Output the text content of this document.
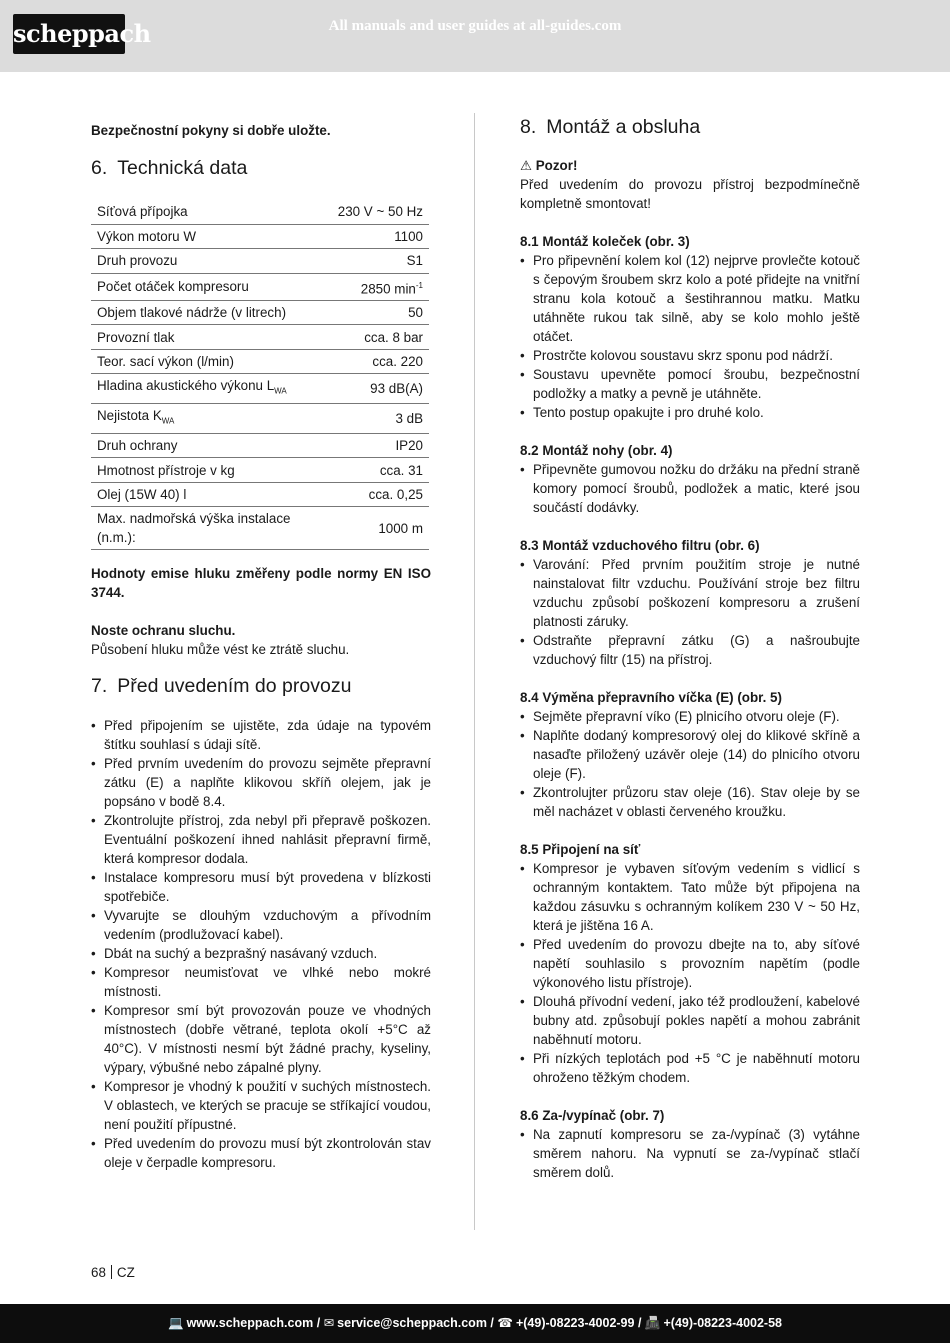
scheppach	All manuals and user guides at all-guides.com

Bezpečnostní pokyny si dobře uložte.

6. Technická data
Síťová přípojka	230 V ~ 50 Hz
Výkon motoru W	1100
Druh provozu	S1
Počet otáček kompresoru	2850 $\min^{-1}$
Objem tlakové nádrže (v litrech)	50
Provozní tlak	cca. 8 bar
Teor. sací výkon (l/min)	cca. 220
Hladina akustického výkonu $L_{WA}$	93 dB(A)
Nejistota $K_{WA}$	3 dB
Druh ochrany	IP20
Hmotnost přístroje v kg	cca. 31
Olej (15W 40) l	cca. 0,25
Max. nadmořská výška instalace (n.m.):	1000 m

Hodnoty emise hluku změřeny podle normy EN ISO 3744.

Noste ochranu sluchu.

Působení hluku může vést ke ztrátě sluchu.

7. Před uvedením do provozu
• Před připojením se ujistěte, zda údaje na typovém štítku souhlasí s údaji sítě.
• Před prvním uvedením do provozu sejměte přepravní zátku (E) a naplňte klikovou skříň olejem, jak je popsáno v bodě 8.4.
• Zkontrolujte přístroj, zda nebyl při přepravě poškozen. Eventuální poškození ihned nahlásit přepravní firmě, která kompresor dodala.
• Instalace kompresoru musí být provedena v blízkosti spotřebiče.
• Vyvarujte se dlouhým vzduchovým a přívodním vedením (prodlužovací kabel).
• Dbát na suchý a bezprašný nasávaný vzduch.
• Kompresor neumisťovat ve vlhké nebo mokré místnosti.
• Kompresor smí být provozován pouze ve vhodných místnostech (dobře větrané, teplota okolí +5°C až 40°C). V místnosti nesmí být žádné prachy, kyseliny, výpary, výbušné nebo zápalné plyny.
• Kompresor je vhodný k použití v suchých místnostech. V oblastech, ve kterých se pracuje se stříkající voudou, není použití přípustné.
• Před uvedením do provozu musí být zkontrolován stav oleje v čerpadle kompresoru.
8. Montáž a obsluha

⚠ Pozor!

Před uvedením do provozu přístroj bezpodmínečně kompletně smontovat!

8.1 Montáž koleček (obr. 3)

• Pro připevnění kolem kol (12) nejprve provlečte kotouč s čepovým šroubem skrz kolo a poté přidejte na vnitřní stranu kola kotouč a šestihrannou matku. Matku utáhněte rukou tak silně, aby se kolo mohlo ještě otáčet.
• Prostrčte kolovou soustavu skrz sponu pod nádrží.
• Soustavu upevněte pomocí šroubu, bezpečnostní podložky a matky a pevně je utáhněte.
• Tento postup opakujte i pro druhé kolo.

8.2 Montáž nohy (obr. 4)

• Připevněte gumovou nožku do držáku na přední straně komory pomocí šroubů, podložek a matic, které jsou součástí dodávky.

8.3 Montáž vzduchového filtru (obr. 6)

• Varování: Před prvním použitím stroje je nutné nainstalovat filtr vzduchu. Používání stroje bez filtru vzduchu způsobí poškození kompresoru a zrušení platnosti záruky.
• Odstraňte přepravní zátku (G) a našroubujte vzduchový filtr (15) na přístroj.

8.4 Výměna přepravního víčka (E) (obr. 5)

• Sejměte přepravní víko (E) plnicího otvoru oleje (F).
• Naplňte dodaný kompresorový olej do klikové skříně a nasaďte přiložený uzávěr oleje (14) do plnicího otvoru oleje (F).
• Zkontrolujter průzoru stav oleje (16). Stav oleje by se měl nacházet v oblasti červeného kroužku.

8.5 Připojení na síť

• Kompresor je vybaven síťovým vedením s vidlicí s ochranným kontaktem. Tato může být připojena na každou zásuvku s ochranným kolíkem 230 V ~ 50 Hz, která je jištěna 16 A.
• Před uvedením do provozu dbejte na to, aby síťové napětí souhlasilo s provozním napětím (podle výkonového listu přístroje).
• Dlouhá přívodní vedení, jako též prodloužení, kabelové bubny atd. způsobují pokles napětí a mohou zabránit naběhnutí motoru.
• Při nízkých teplotách pod +5 °C je naběhnutí motoru ohroženo těžkým chodem.

8.6 Za-/vypínač (obr. 7)

• Na zapnutí kompresoru se za-/vypínač (3) vytáhne směrem nahoru. Na vypnutí se za-/vypínač stlačí směrem dolů.
68 CZ
💻 www.scheppach.com / ✉ service@scheppach.com / ☎ +(49)-08223-4002-99 / 📠 +(49)-08223-4002-58
